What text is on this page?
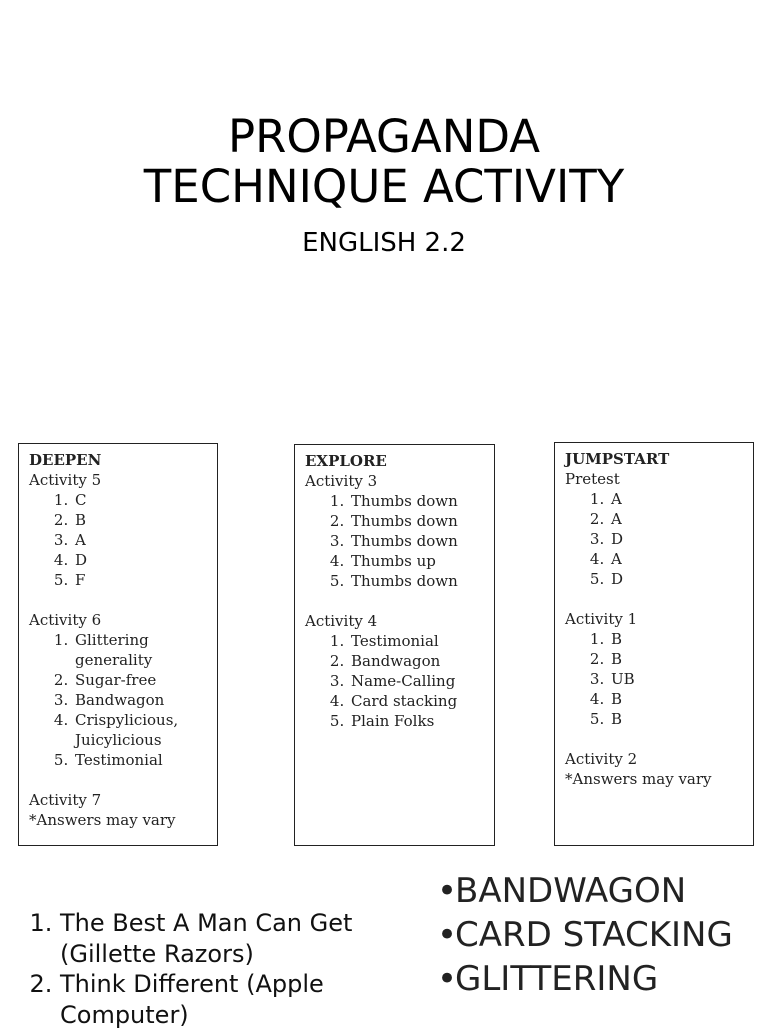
PROPAGANDA
TECHNIQUE ACTIVITY
ENGLISH 2.2
DEEPEN
Activity 5
1. C
2. B
3. A
4. D
5. F
Activity 6
1. Glittering generality
2. Sugar-free
3. Bandwagon
4. Crispylicious, Juicylicious
5. Testimonial
Activity 7
*Answers may vary
EXPLORE
Activity 3
1. Thumbs down
2. Thumbs down
3. Thumbs down
4. Thumbs up
5. Thumbs down
Activity 4
1. Testimonial
2. Bandwagon
3. Name-Calling
4. Card stacking
5. Plain Folks
JUMPSTART
Pretest
1. A
2. A
3. D
4. A
5. D
Activity 1
1. B
2. B
3. UB
4. B
5. B
Activity 2
*Answers may vary
1. The Best A Man Can Get (Gillette Razors)
2. Think Different (Apple Computer)
• BANDWAGON
• CARD STACKING
• GLITTERING
